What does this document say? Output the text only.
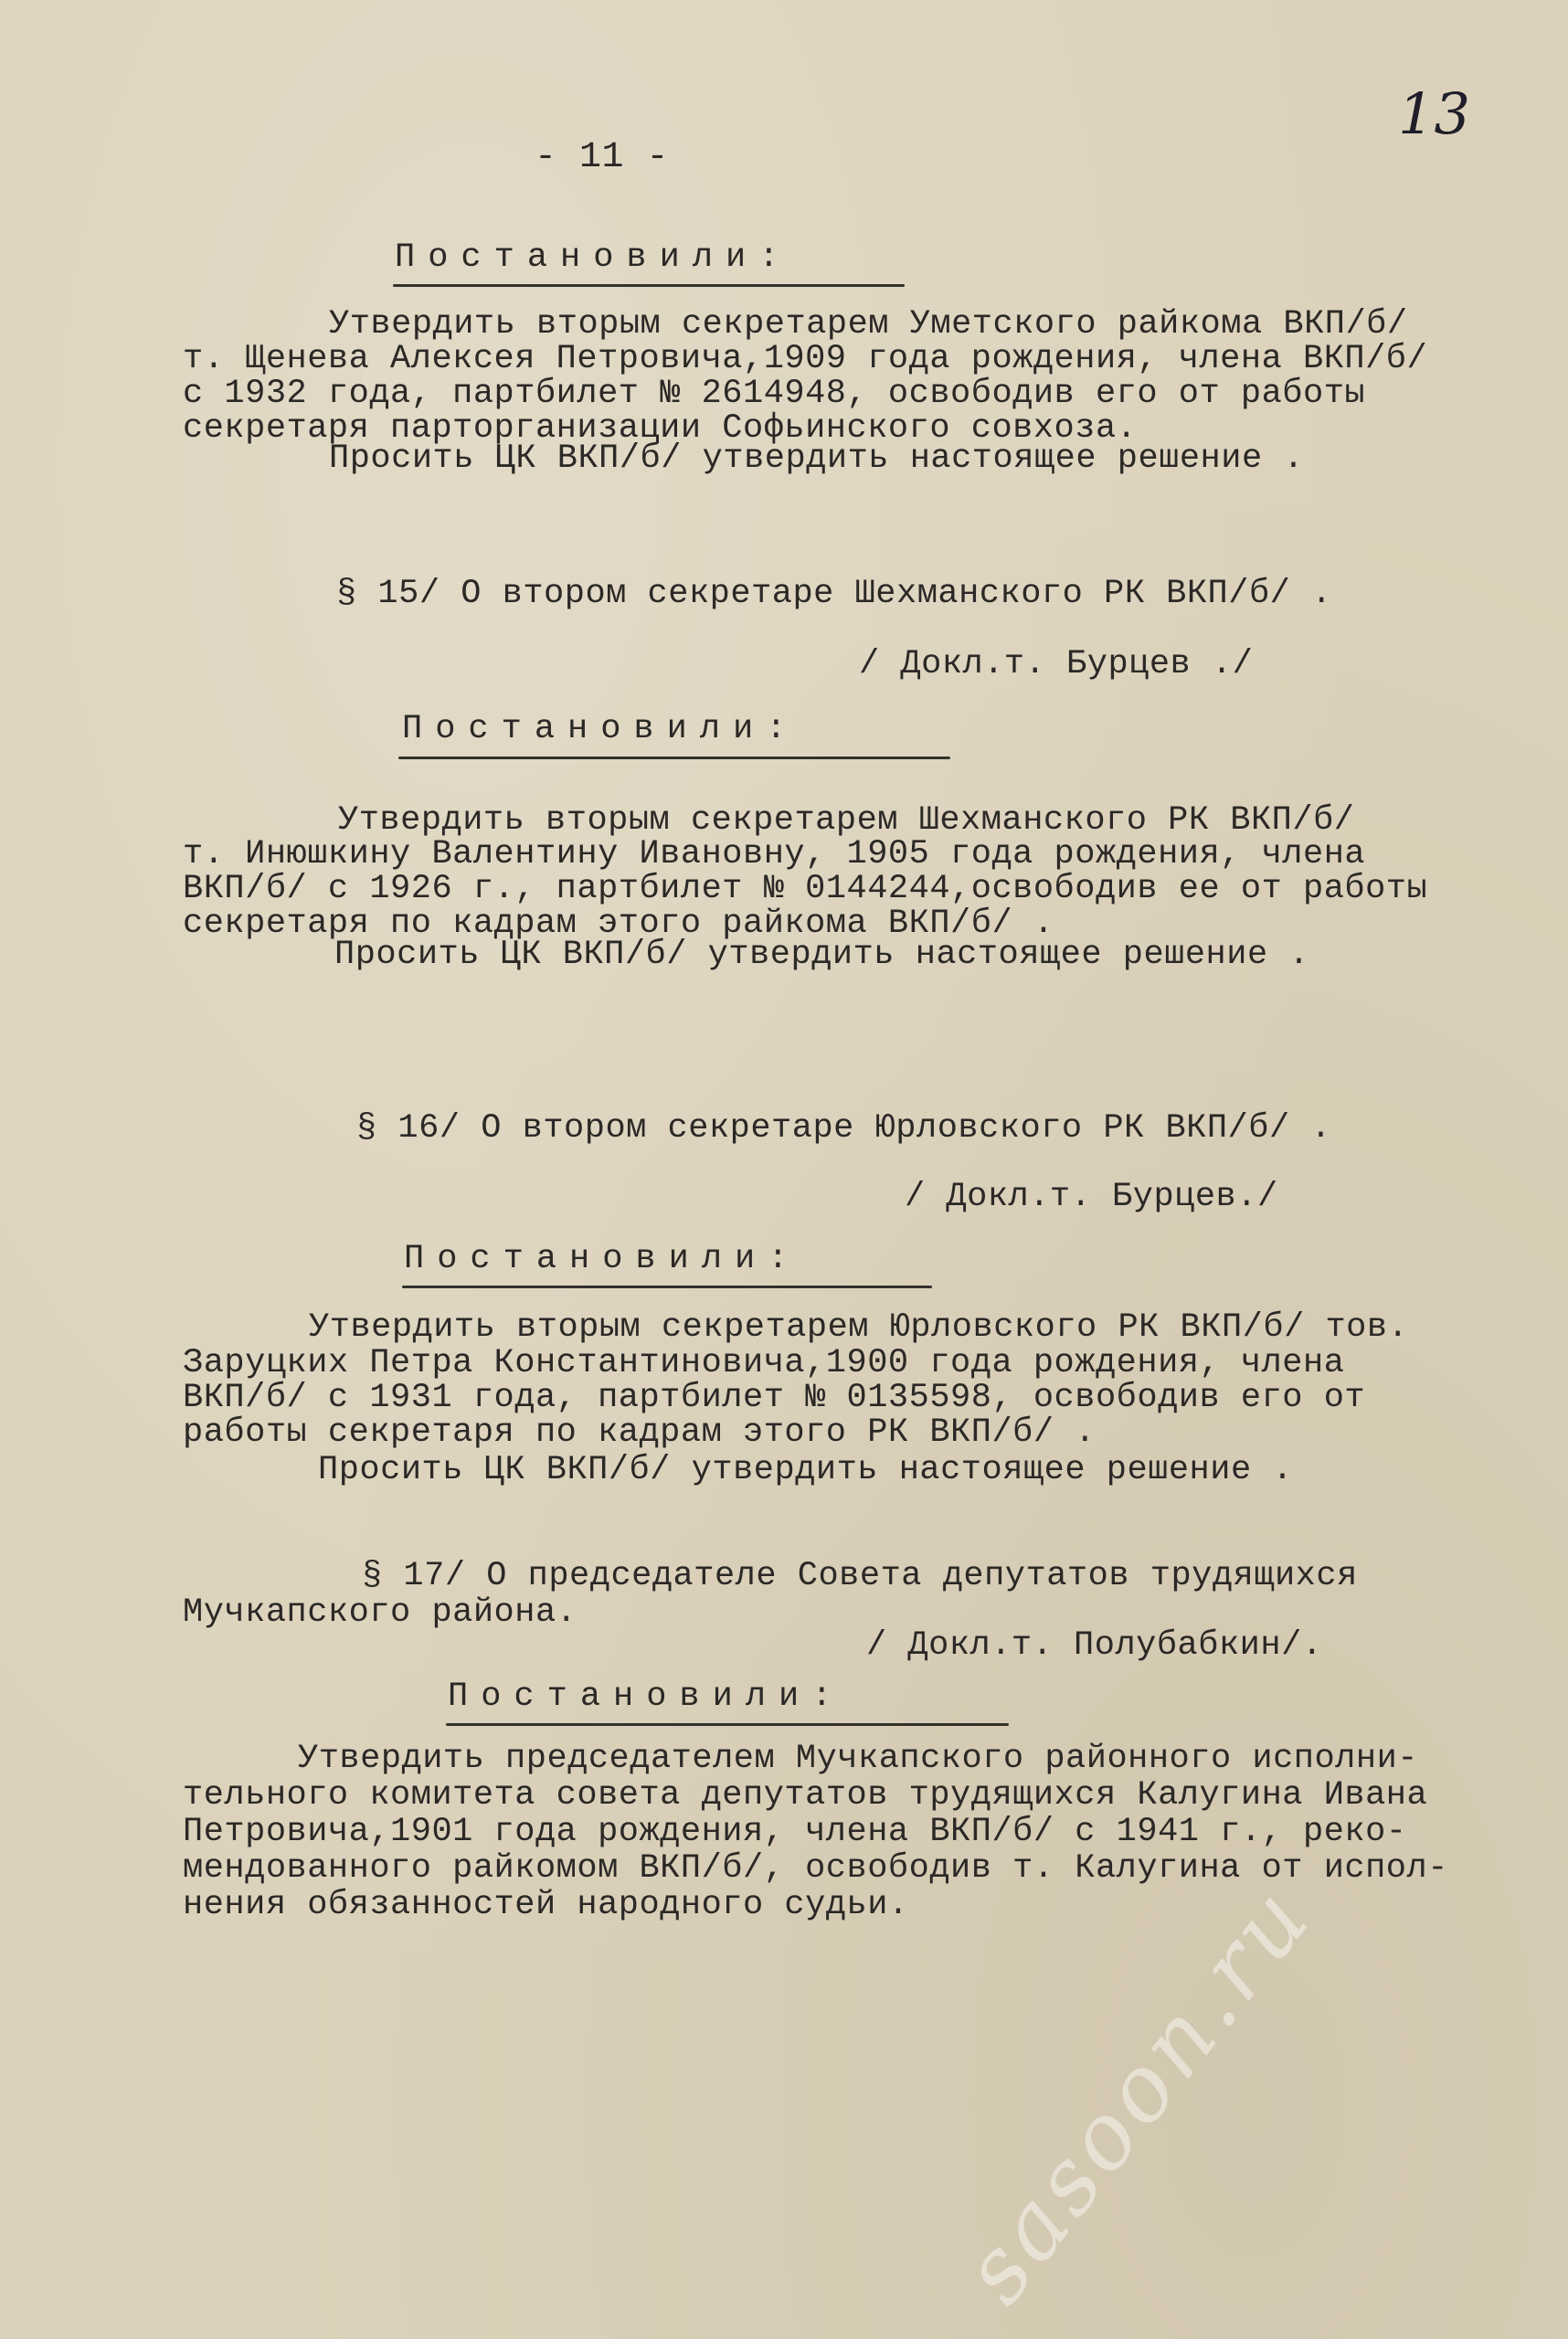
13
- 11 -
Постановили:
Утвердить вторым секретарем Уметского райкома ВКП/б/
т. Щенева Алексея Петровича,1909 года рождения, члена ВКП/б/
с 1932 года, партбилет № 2614948, освободив его от работы
секретаря парторганизации Софьинского совхоза.
Просить ЦК ВКП/б/ утвердить настоящее решение .
§ 15/ О втором секретаре Шехманского РК ВКП/б/ .
/ Докл.т. Бурцев ./
Постановили:
Утвердить вторым секретарем Шехманского РК ВКП/б/
т. Инюшкину Валентину Ивановну, 1905 года рождения, члена
ВКП/б/ с 1926 г., партбилет № 0144244,освободив ее от работы
секретаря по кадрам этого райкома ВКП/б/ .
Просить ЦК ВКП/б/ утвердить настоящее решение .
§ 16/ О втором секретаре Юрловского РК ВКП/б/ .
/ Докл.т. Бурцев./
Постановили:
Утвердить вторым секретарем Юрловского РК ВКП/б/ тов.
Заруцких Петра Константиновича,1900 года рождения, члена
ВКП/б/ с 1931 года, партбилет № 0135598, освободив его от
работы секретаря по кадрам этого РК ВКП/б/ .
Просить ЦК ВКП/б/ утвердить настоящее решение .
§ 17/ О председателе Совета депутатов трудящихся
Мучкапского района.
/ Докл.т. Полубабкин/.
Постановили:
Утвердить председателем Мучкапского районного исполни-
тельного комитета совета депутатов трудящихся Калугина Ивана
Петровича,1901 года рождения, члена ВКП/б/ с 1941 г., реко-
мендованного райкомом ВКП/б/, освободив т. Калугина от испол-
нения обязанностей народного судьи. sasoon.ru
